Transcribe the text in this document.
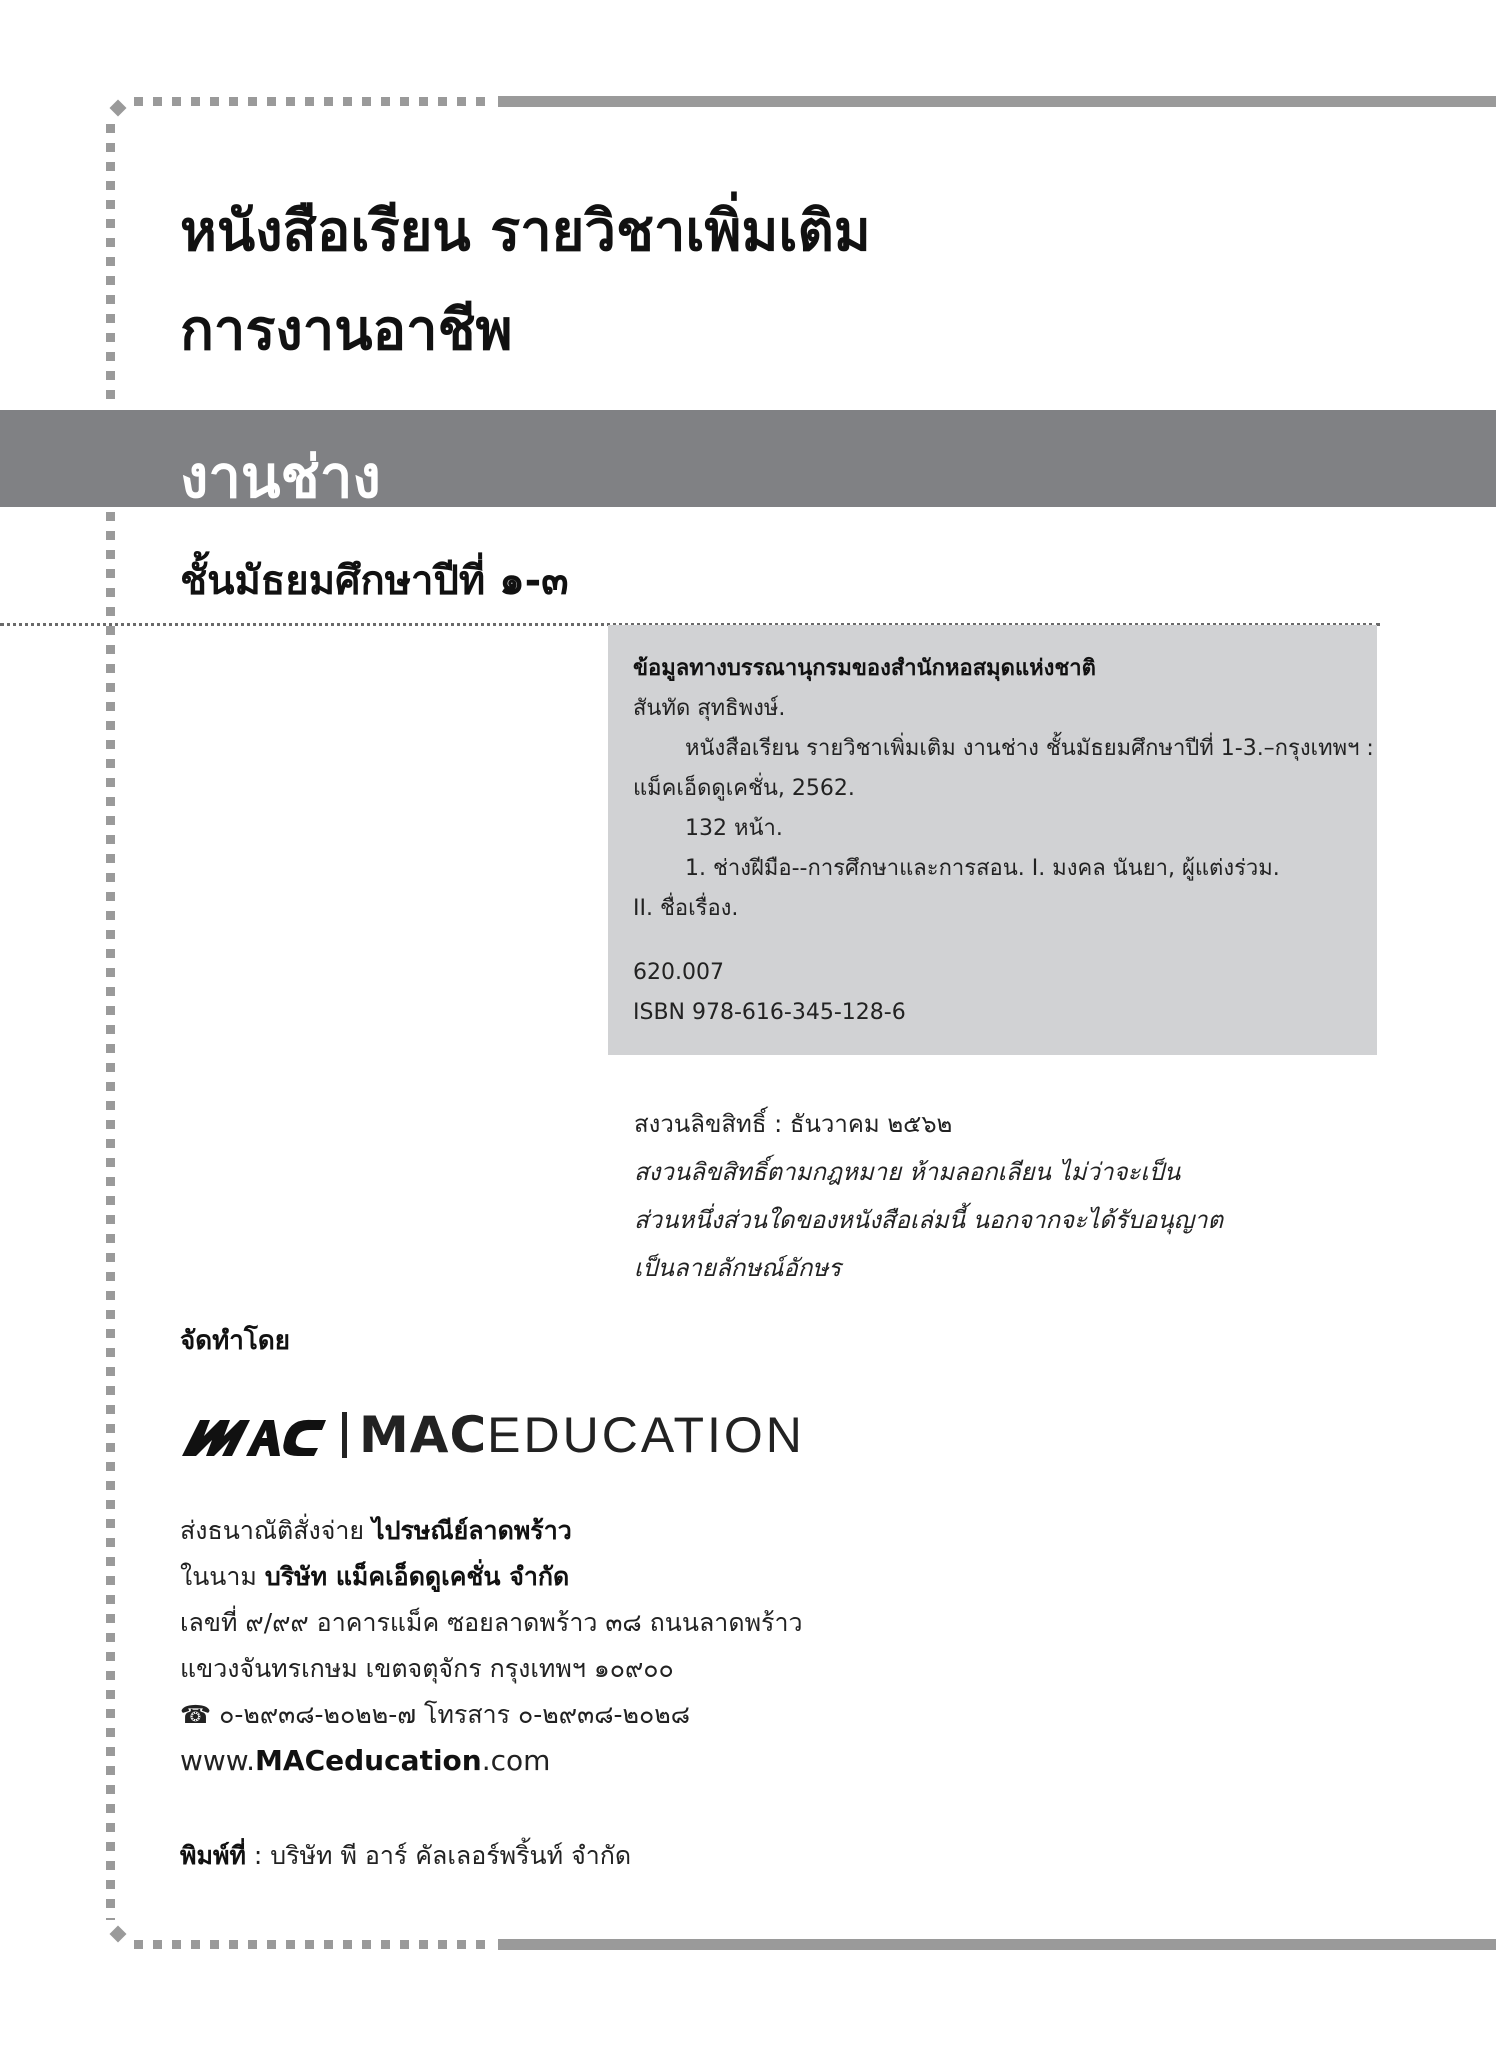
หนังสือเรียน รายวิชาเพิ่มเติม
การงานอาชีพ
งานช่าง
ชั้นมัธยมศึกษาปีที่ ๑-๓
ข้อมูลทางบรรณานุกรมของสำนักหอสมุดแห่งชาติ
สันทัด สุทธิพงษ์.
หนังสือเรียน รายวิชาเพิ่มเติม งานช่าง ชั้นมัธยมศึกษาปีที่ 1-3.–กรุงเทพฯ :
แม็คเอ็ดดูเคชั่น, 2562.
132 หน้า.
1. ช่างฝีมือ--การศึกษาและการสอน. I. มงคล นันยา, ผู้แต่งร่วม.
II. ชื่อเรื่อง.
620.007
ISBN 978-616-345-128-6
สงวนลิขสิทธิ์ : ธันวาคม ๒๕๖๒
สงวนลิขสิทธิ์ตามกฎหมาย ห้ามลอกเลียน ไม่ว่าจะเป็น
ส่วนหนึ่งส่วนใดของหนังสือเล่มนี้ นอกจากจะได้รับอนุญาต
เป็นลายลักษณ์อักษร
จัดทำโดย
MAC EDUCATION
ส่งธนาณัติสั่งจ่าย ไปรษณีย์ลาดพร้าว
ในนาม บริษัท แม็คเอ็ดดูเคชั่น จำกัด
เลขที่ ๙/๙๙ อาคารแม็ค ซอยลาดพร้าว ๓๘ ถนนลาดพร้าว
แขวงจันทรเกษม เขตจตุจักร กรุงเทพฯ ๑๐๙๐๐
☎ ๐-๒๙๓๘-๒๐๒๒-๗ โทรสาร ๐-๒๙๓๘-๒๐๒๘
www.MACeducation.com
พิมพ์ที่ : บริษัท พี อาร์ คัลเลอร์พริ้นท์ จำกัด
